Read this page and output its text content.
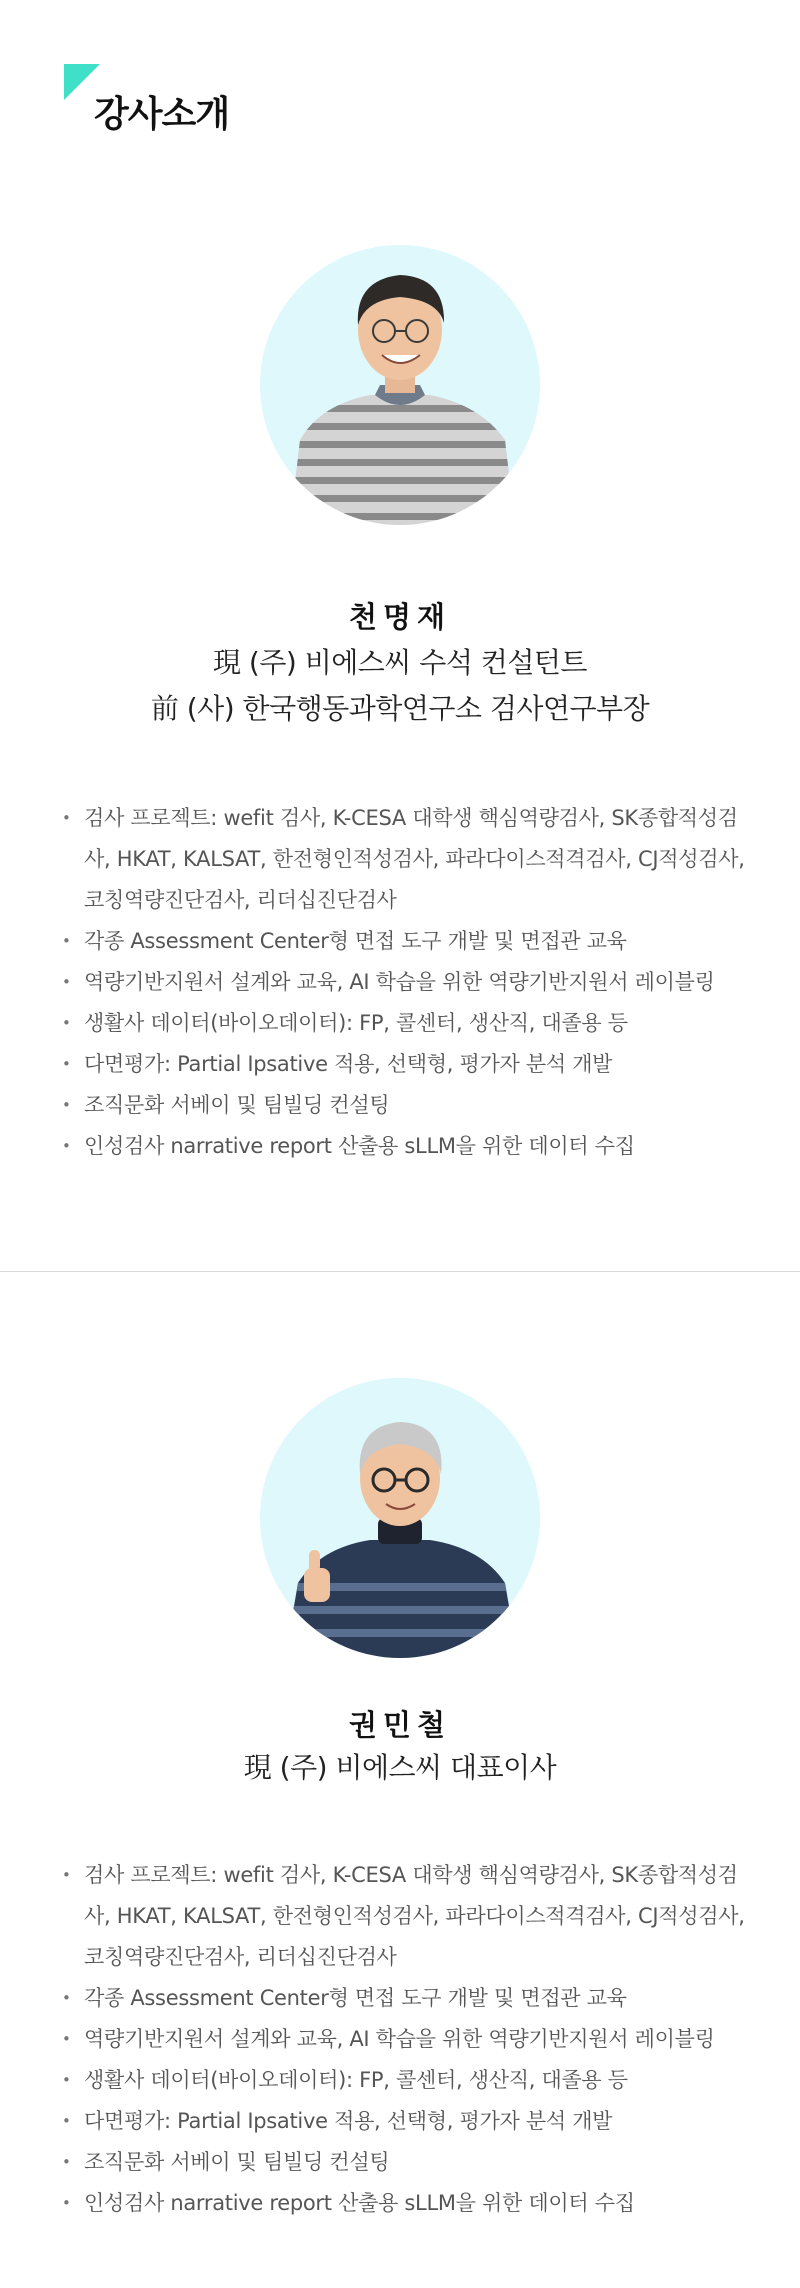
강사소개
천명재
現 (주) 비에스씨 수석 컨설턴트
前 (사) 한국행동과학연구소 검사연구부장
• 검사 프로젝트: wefit 검사, K-CESA 대학생 핵심역량검사, SK종합적성검사, HKAT, KALSAT, 한전형인적성검사, 파라다이스적격검사, CJ적성검사, 코칭역량진단검사, 리더십진단검사
• 각종 Assessment Center형 면접 도구 개발 및 면접관 교육
• 역량기반지원서 설계와 교육, AI 학습을 위한 역량기반지원서 레이블링
• 생활사 데이터(바이오데이터): FP, 콜센터, 생산직, 대졸용 등
• 다면평가: Partial Ipsative 적용, 선택형, 평가자 분석 개발
• 조직문화 서베이 및 팀빌딩 컨설팅
• 인성검사 narrative report 산출용 sLLM을 위한 데이터 수집
권민철
現 (주) 비에스씨 대표이사
• 검사 프로젝트: wefit 검사, K-CESA 대학생 핵심역량검사, SK종합적성검사, HKAT, KALSAT, 한전형인적성검사, 파라다이스적격검사, CJ적성검사, 코칭역량진단검사, 리더십진단검사
• 각종 Assessment Center형 면접 도구 개발 및 면접관 교육
• 역량기반지원서 설계와 교육, AI 학습을 위한 역량기반지원서 레이블링
• 생활사 데이터(바이오데이터): FP, 콜센터, 생산직, 대졸용 등
• 다면평가: Partial Ipsative 적용, 선택형, 평가자 분석 개발
• 조직문화 서베이 및 팀빌딩 컨설팅
• 인성검사 narrative report 산출용 sLLM을 위한 데이터 수집
